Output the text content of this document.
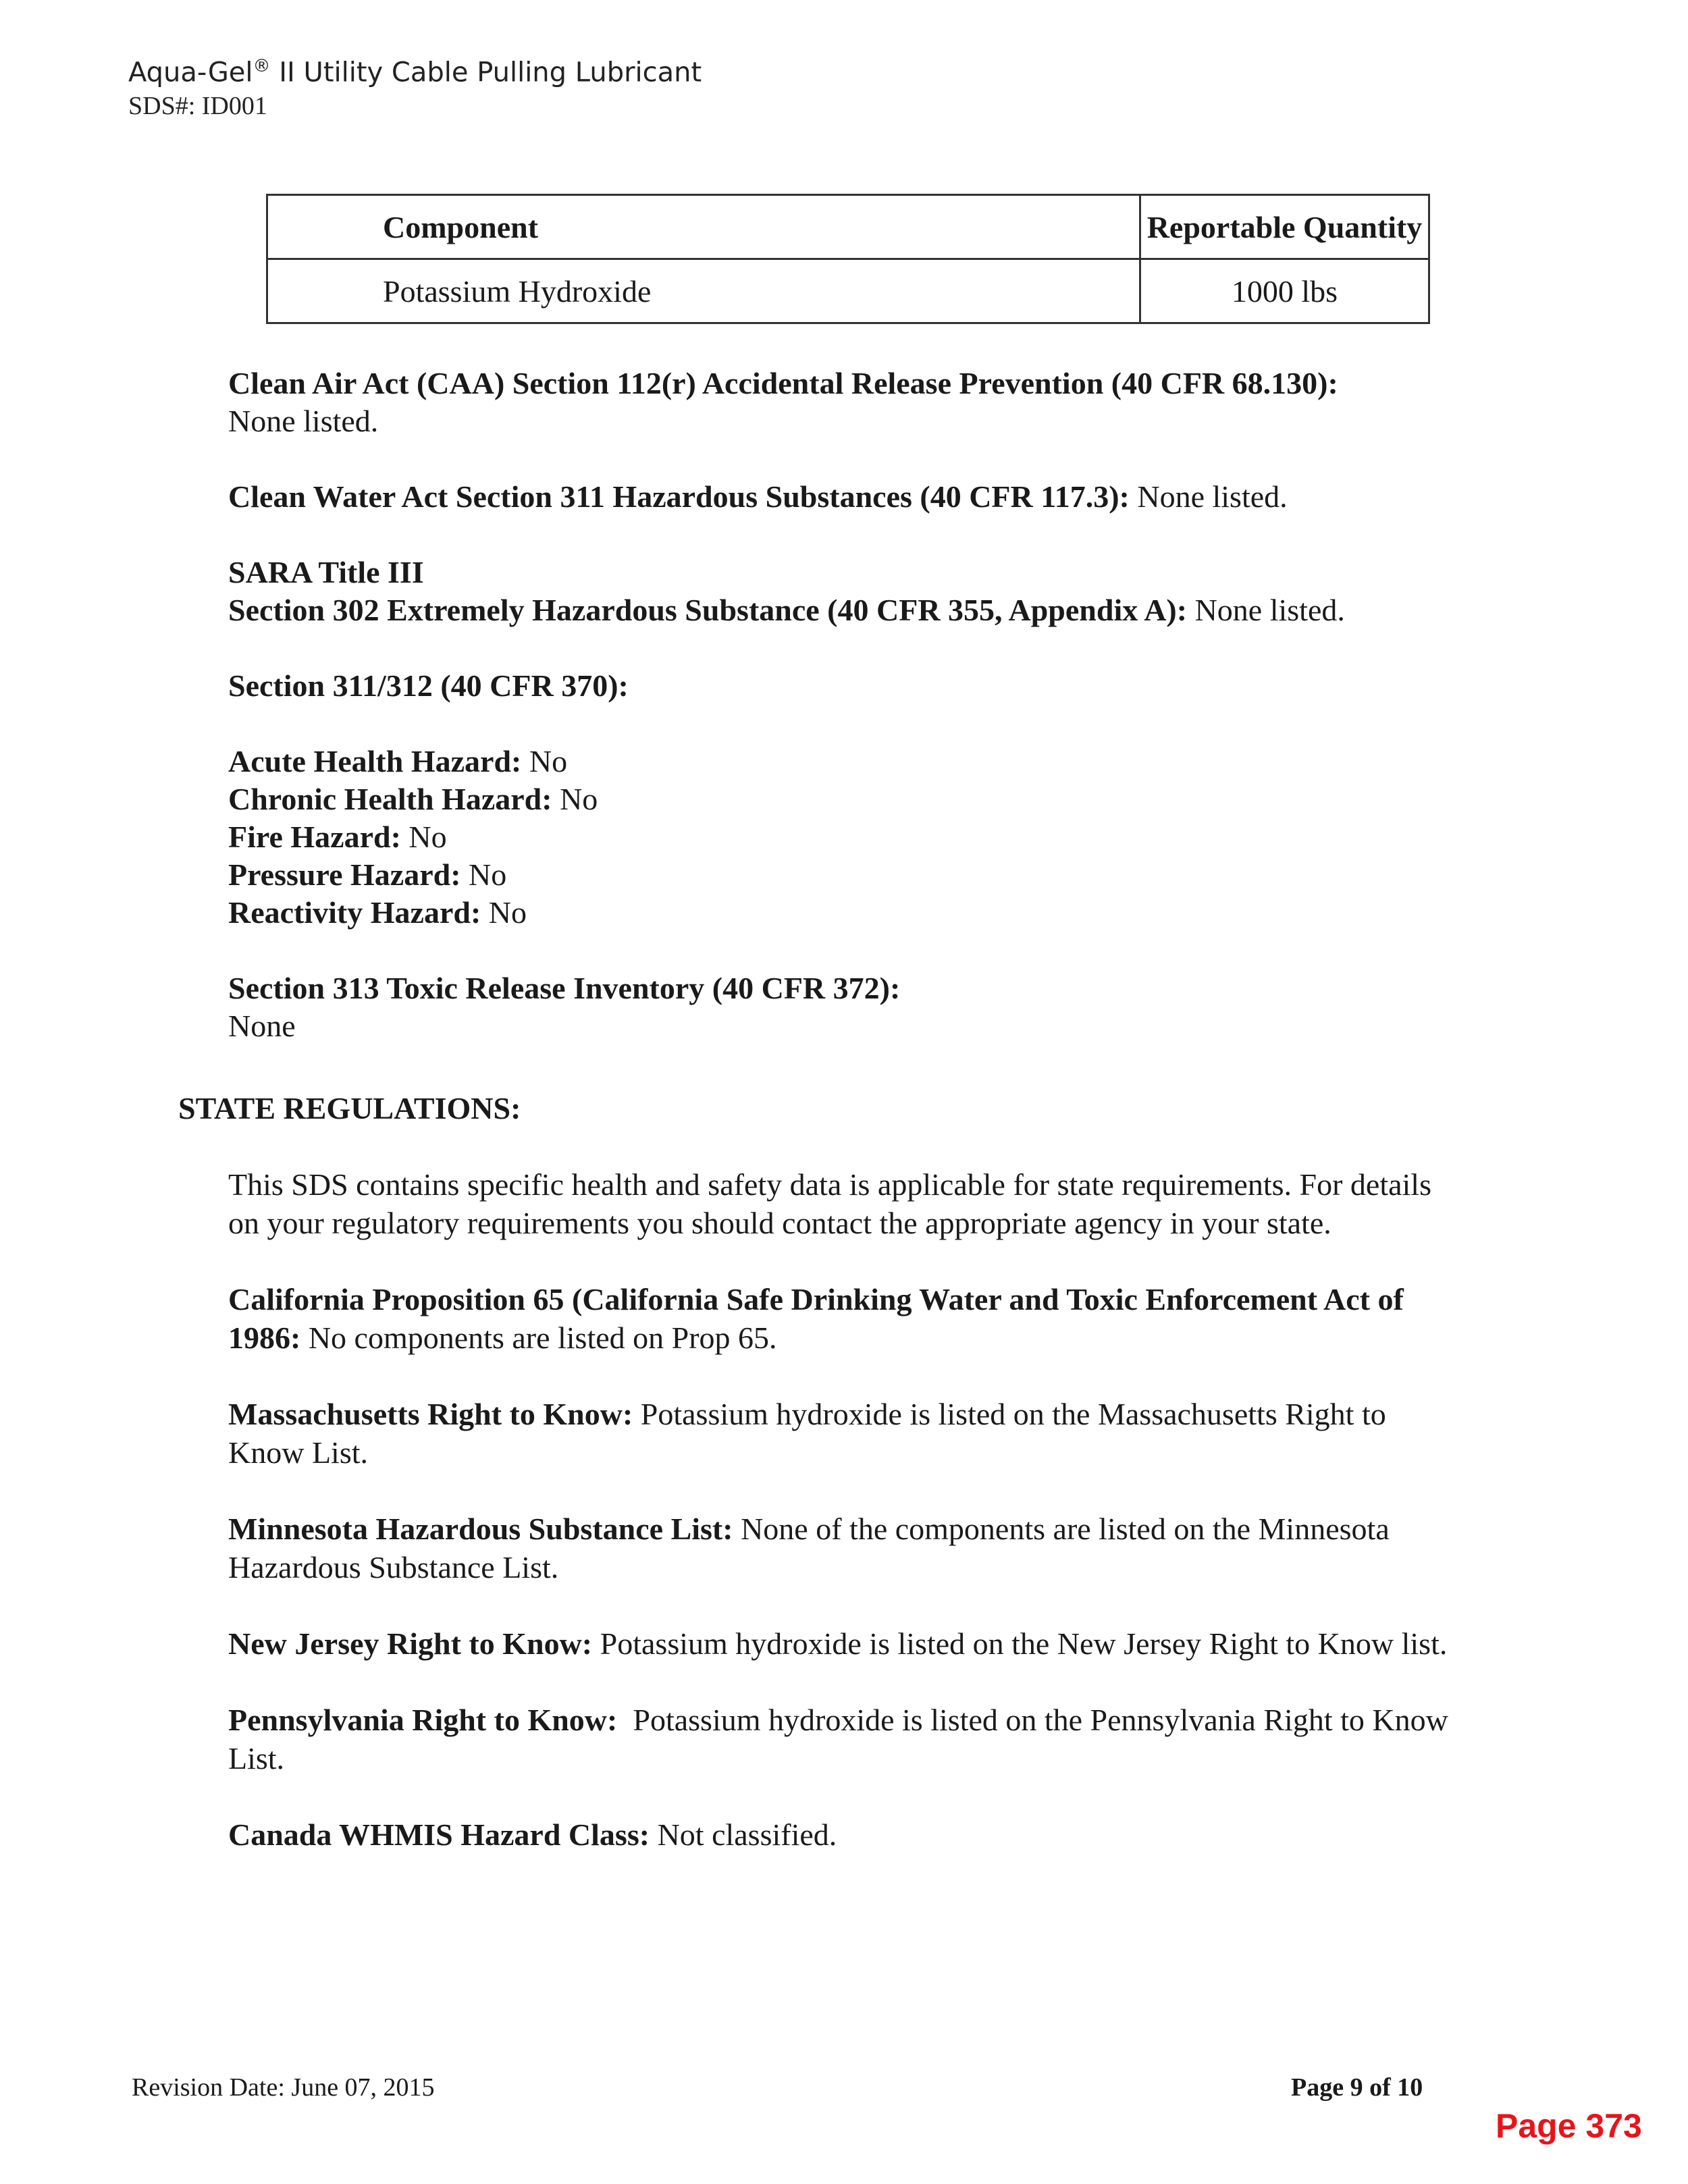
Aqua-Gel® II Utility Cable Pulling Lubricant
SDS#: ID001
Component	Reportable Quantity
Potassium Hydroxide	1000 lbs

Clean Air Act (CAA) Section 112(r) Accidental Release Prevention (40 CFR 68.130):

None listed.

Clean Water Act Section 311 Hazardous Substances (40 CFR 117.3): None listed.

SARA Title III

Section 302 Extremely Hazardous Substance (40 CFR 355, Appendix A): None listed.

Section 311/312 (40 CFR 370):

Acute Health Hazard: No

Chronic Health Hazard: No

Fire Hazard: No

Pressure Hazard: No

Reactivity Hazard: No

Section 313 Toxic Release Inventory (40 CFR 372):

None

STATE REGULATIONS:

This SDS contains specific health and safety data is applicable for state requirements. For details on your regulatory requirements you should contact the appropriate agency in your state.

California Proposition 65 (California Safe Drinking Water and Toxic Enforcement Act of 1986: No components are listed on Prop 65.

Massachusetts Right to Know: Potassium hydroxide is listed on the Massachusetts Right to Know List.

Minnesota Hazardous Substance List: None of the components are listed on the Minnesota Hazardous Substance List.

New Jersey Right to Know: Potassium hydroxide is listed on the New Jersey Right to Know list.

Pennsylvania Right to Know:  Potassium hydroxide is listed on the Pennsylvania Right to Know List.

Canada WHMIS Hazard Class: Not classified.

Revision Date: June 07, 2015	Page 9 of 10
Page 373
